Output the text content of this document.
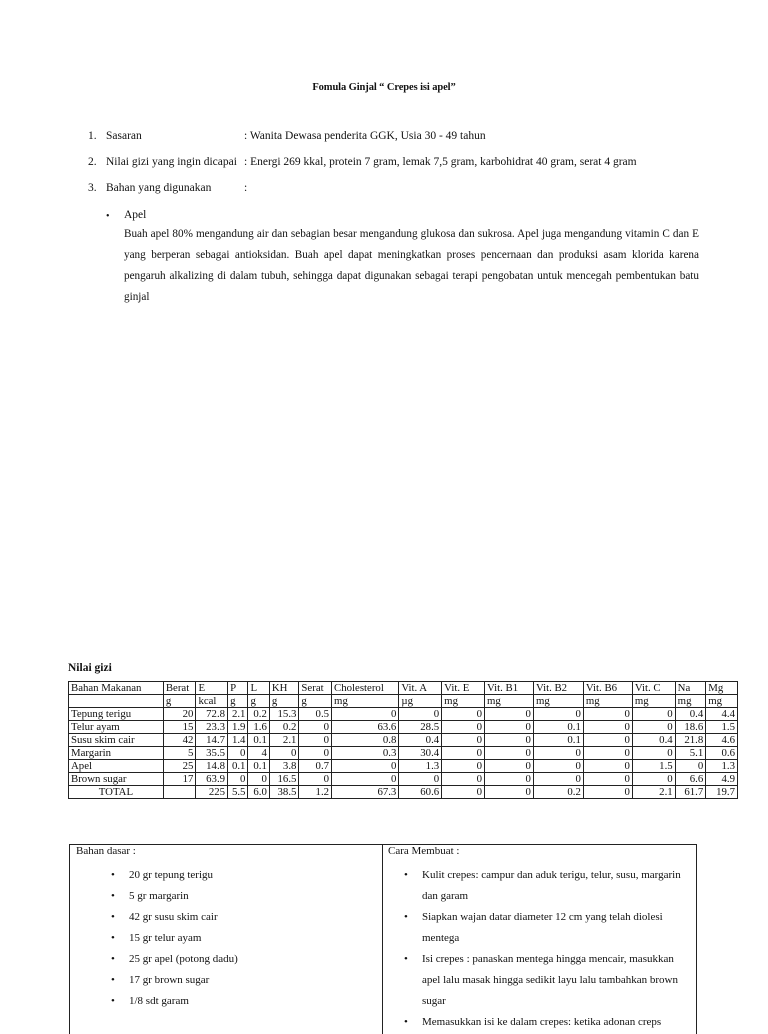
Fomula Ginjal “ Crepes isi apel”
1. Sasaran	: Wanita Dewasa penderita GGK, Usia 30 - 49 tahun
2. Nilai gizi yang ingin dicapai : Energi 269 kkal, protein 7 gram, lemak 7,5 gram, karbohidrat 40 gram, serat 4 gram
3. Bahan yang digunakan	:
• Apel
Buah apel 80% mengandung air dan sebagian besar mengandung glukosa dan sukrosa. Apel juga mengandung vitamin C dan E yang berperan sebagai antioksidan. Buah apel dapat meningkatkan proses pencernaan dan produksi asam klorida karena pengaruh alkalizing di dalam tubuh, sehingga dapat digunakan sebagai terapi pengobatan untuk mencegah pembentukan batu ginjal
Nilai gizi
Bahan Makanan	Berat	E	P	L	KH	Serat	Cholesterol	Vit. A	Vit. E	Vit. B1	Vit. B2	Vit. B6	Vit. C	Na	Mg
	g	kcal	g	g	g	g	mg	µg	mg	mg	mg	mg	mg	mg	mg
Tepung terigu	20	72.8	2.1	0.2	15.3	0.5	0	0	0	0	0	0	0	0.4	4.4
Telur ayam	15	23.3	1.9	1.6	0.2	0	63.6	28.5	0	0	0.1	0	0	18.6	1.5
Susu skim cair	42	14.7	1.4	0.1	2.1	0	0.8	0.4	0	0	0.1	0	0.4	21.8	4.6
Margarin	5	35.5	0	4	0	0	0.3	30.4	0	0	0	0	0	5.1	0.6
Apel	25	14.8	0.1	0.1	3.8	0.7	0	1.3	0	0	0	0	1.5	0	1.3
Brown sugar	17	63.9	0	0	16.5	0	0	0	0	0	0	0	0	6.6	4.9
TOTAL		225	5.5	6.0	38.5	1.2	67.3	60.6	0	0	0.2	0	2.1	61.7	19.7
Bahan dasar :
• 20 gr tepung terigu
• 5 gr margarin
• 42 gr susu skim cair
• 15 gr telur ayam
• 25 gr apel (potong dadu)
• 17 gr brown sugar
• 1/8 sdt garam
Cara Membuat :
• Kulit crepes: campur dan aduk terigu, telur, susu, margarin dan garam
• Siapkan wajan datar diameter 12 cm yang telah diolesi mentega
• Isi crepes : panaskan mentega hingga mencair, masukkan apel lalu masak hingga sedikit layu lalu tambahkan brown sugar
• Memasukkan isi ke dalam crepes: ketika adonan creps
